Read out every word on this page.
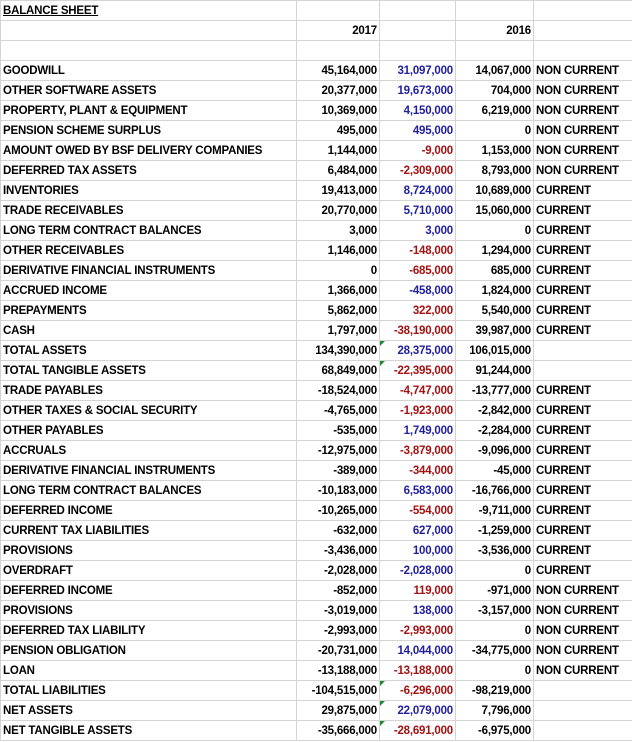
BALANCE SHEET				
	2017		2016	

GOODWILL	45,164,000	31,097,000	14,067,000	NON CURRENT
OTHER SOFTWARE ASSETS	20,377,000	19,673,000	704,000	NON CURRENT
PROPERTY, PLANT & EQUIPMENT	10,369,000	4,150,000	6,219,000	NON CURRENT
PENSION SCHEME SURPLUS	495,000	495,000	0	NON CURRENT
AMOUNT OWED BY BSF DELIVERY COMPANIES	1,144,000	-9,000	1,153,000	NON CURRENT
DEFERRED TAX ASSETS	6,484,000	-2,309,000	8,793,000	NON CURRENT
INVENTORIES	19,413,000	8,724,000	10,689,000	CURRENT
TRADE RECEIVABLES	20,770,000	5,710,000	15,060,000	CURRENT
LONG TERM CONTRACT BALANCES	3,000	3,000	0	CURRENT
OTHER RECEIVABLES	1,146,000	-148,000	1,294,000	CURRENT
DERIVATIVE FINANCIAL INSTRUMENTS	0	-685,000	685,000	CURRENT
ACCRUED INCOME	1,366,000	-458,000	1,824,000	CURRENT
PREPAYMENTS	5,862,000	322,000	5,540,000	CURRENT
CASH	1,797,000	-38,190,000	39,987,000	CURRENT
TOTAL ASSETS	134,390,000	28,375,000	106,015,000	
TOTAL TANGIBLE ASSETS	68,849,000	-22,395,000	91,244,000	
TRADE PAYABLES	-18,524,000	-4,747,000	-13,777,000	CURRENT
OTHER TAXES & SOCIAL SECURITY	-4,765,000	-1,923,000	-2,842,000	CURRENT
OTHER PAYABLES	-535,000	1,749,000	-2,284,000	CURRENT
ACCRUALS	-12,975,000	-3,879,000	-9,096,000	CURRENT
DERIVATIVE FINANCIAL INSTRUMENTS	-389,000	-344,000	-45,000	CURRENT
LONG TERM CONTRACT BALANCES	-10,183,000	6,583,000	-16,766,000	CURRENT
DEFERRED INCOME	-10,265,000	-554,000	-9,711,000	CURRENT
CURRENT TAX LIABILITIES	-632,000	627,000	-1,259,000	CURRENT
PROVISIONS	-3,436,000	100,000	-3,536,000	CURRENT
OVERDRAFT	-2,028,000	-2,028,000	0	CURRENT
DEFERRED INCOME	-852,000	119,000	-971,000	NON CURRENT
PROVISIONS	-3,019,000	138,000	-3,157,000	NON CURRENT
DEFERRED TAX LIABILITY	-2,993,000	-2,993,000	0	NON CURRENT
PENSION OBLIGATION	-20,731,000	14,044,000	-34,775,000	NON CURRENT
LOAN	-13,188,000	-13,188,000	0	NON CURRENT
TOTAL LIABILITIES	-104,515,000	-6,296,000	-98,219,000	
NET ASSETS	29,875,000	22,079,000	7,796,000	
NET TANGIBLE ASSETS	-35,666,000	-28,691,000	-6,975,000	
